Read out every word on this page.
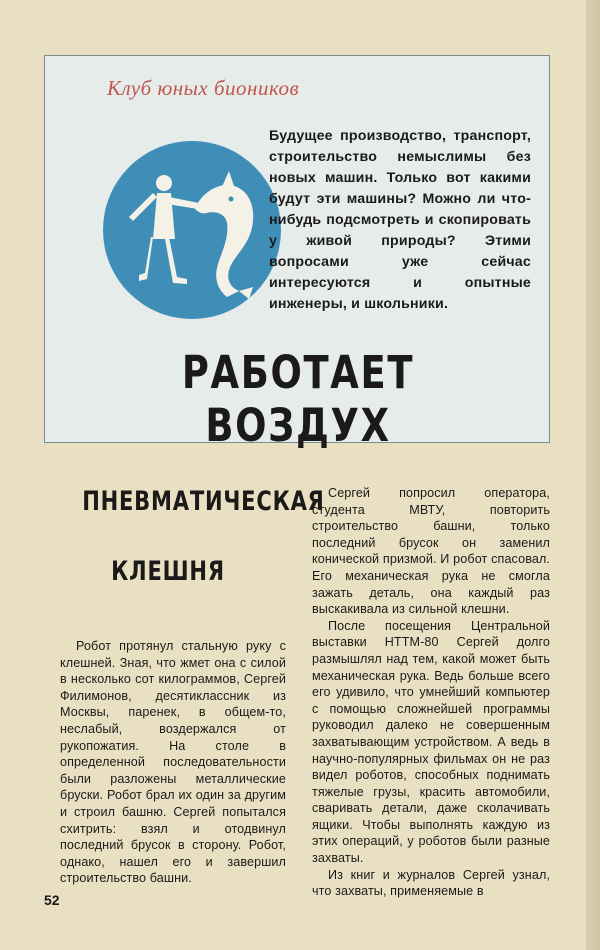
Клуб юных биоников
Будущее производство, транспорт, строительство немыслимы без новых машин. Только вот какими будут эти машины? Можно ли что-нибудь подсмотреть и скопировать у живой природы? Этими вопросами уже сейчас интересуются и опытные инженеры, и школьники.
РАБОТАЕТ ВОЗДУХ
ПНЕВМАТИЧЕСКАЯ
КЛЕШНЯ

Робот протянул стальную руку с клешней. Зная, что жмет она с силой в несколько сот килограммов, Сергей Филимонов, десятиклассник из Москвы, паренек, в общем-то, неслабый, воздержался от рукопожатия. На столе в определенной последовательности были разложены металлические бруски. Робот брал их один за другим и строил башню. Сергей попытался схитрить: взял и отодвинул последний брусок в сторону. Робот, однако, нашел его и завершил строительство башни.

Сергей попросил оператора, студента МВТУ, повторить строительство башни, только последний брусок он заменил конической призмой. И робот спасовал. Его механическая рука не смогла зажать деталь, она каждый раз выскакивала из сильной клешни.

После посещения Центральной выставки НТТМ-80 Сергей долго размышлял над тем, какой может быть механическая рука. Ведь больше всего его удивило, что умнейший компьютер с помощью сложнейшей программы руководил далеко не совершенным захватывающим устройством. А ведь в научно-популярных фильмах он не раз видел роботов, способных поднимать тяжелые грузы, красить автомобили, сваривать детали, даже сколачивать ящики. Чтобы выполнять каждую из этих операций, у роботов были разные захваты.

Из книг и журналов Сергей узнал, что захваты, применяемые в

52
